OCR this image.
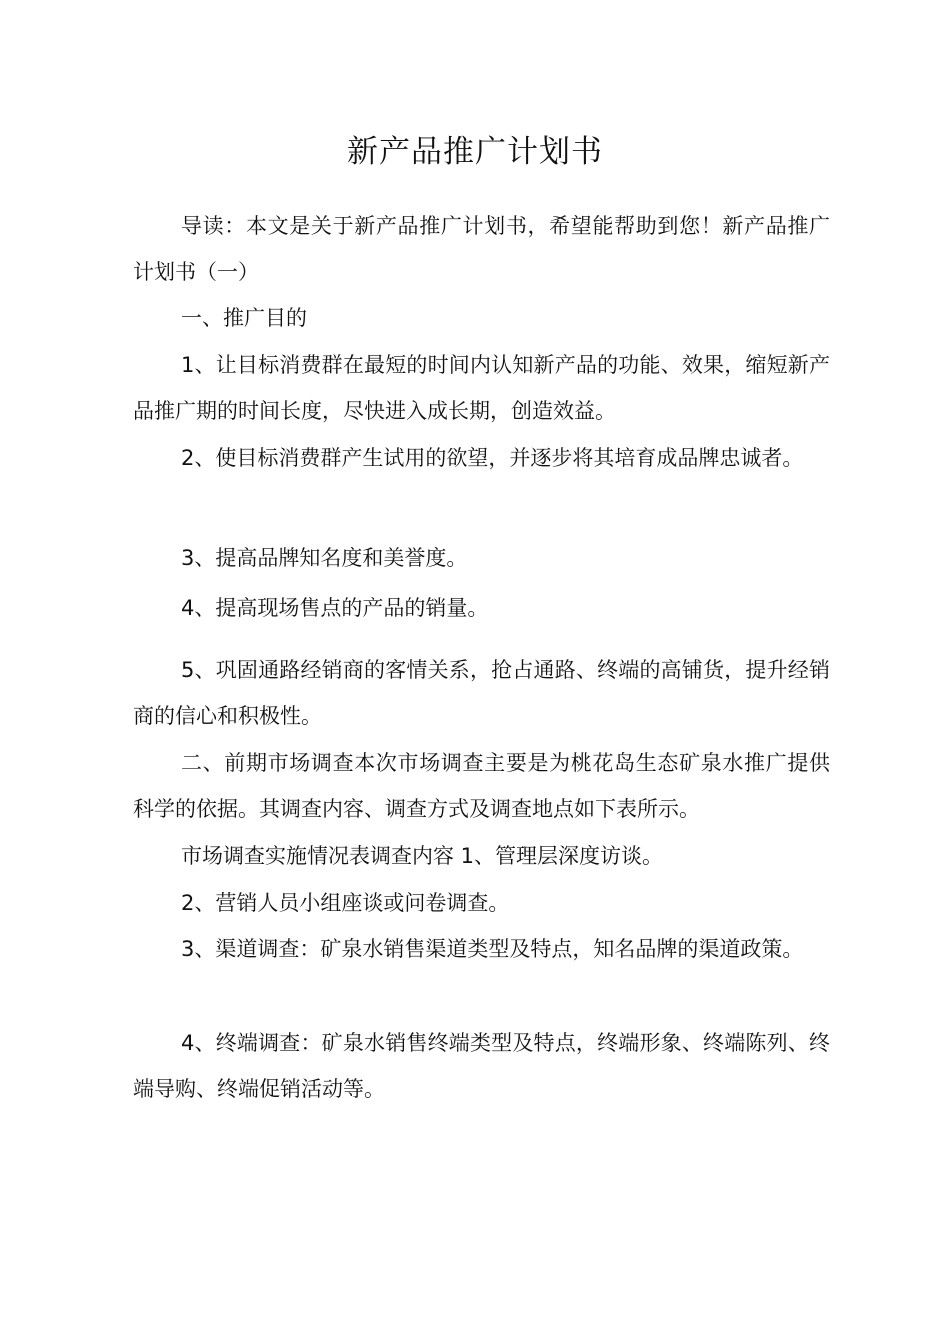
新产品推广计划书

导读：本文是关于新产品推广计划书，希望能帮助到您！新产品推广计划书（一）

一、推广目的

1、让目标消费群在最短的时间内认知新产品的功能、效果，缩短新产品推广期的时间长度，尽快进入成长期，创造效益。

2、使目标消费群产生试用的欲望，并逐步将其培育成品牌忠诚者。

3、提高品牌知名度和美誉度。

4、提高现场售点的产品的销量。

5、巩固通路经销商的客情关系，抢占通路、终端的高铺货，提升经销商的信心和积极性。

二、前期市场调查本次市场调查主要是为桃花岛生态矿泉水推广提供科学的依据。其调查内容、调查方式及调查地点如下表所示。

市场调查实施情况表调查内容 1、管理层深度访谈。

2、营销人员小组座谈或问卷调查。

3、渠道调查：矿泉水销售渠道类型及特点，知名品牌的渠道政策。

4、终端调查：矿泉水销售终端类型及特点，终端形象、终端陈列、终端导购、终端促销活动等。
